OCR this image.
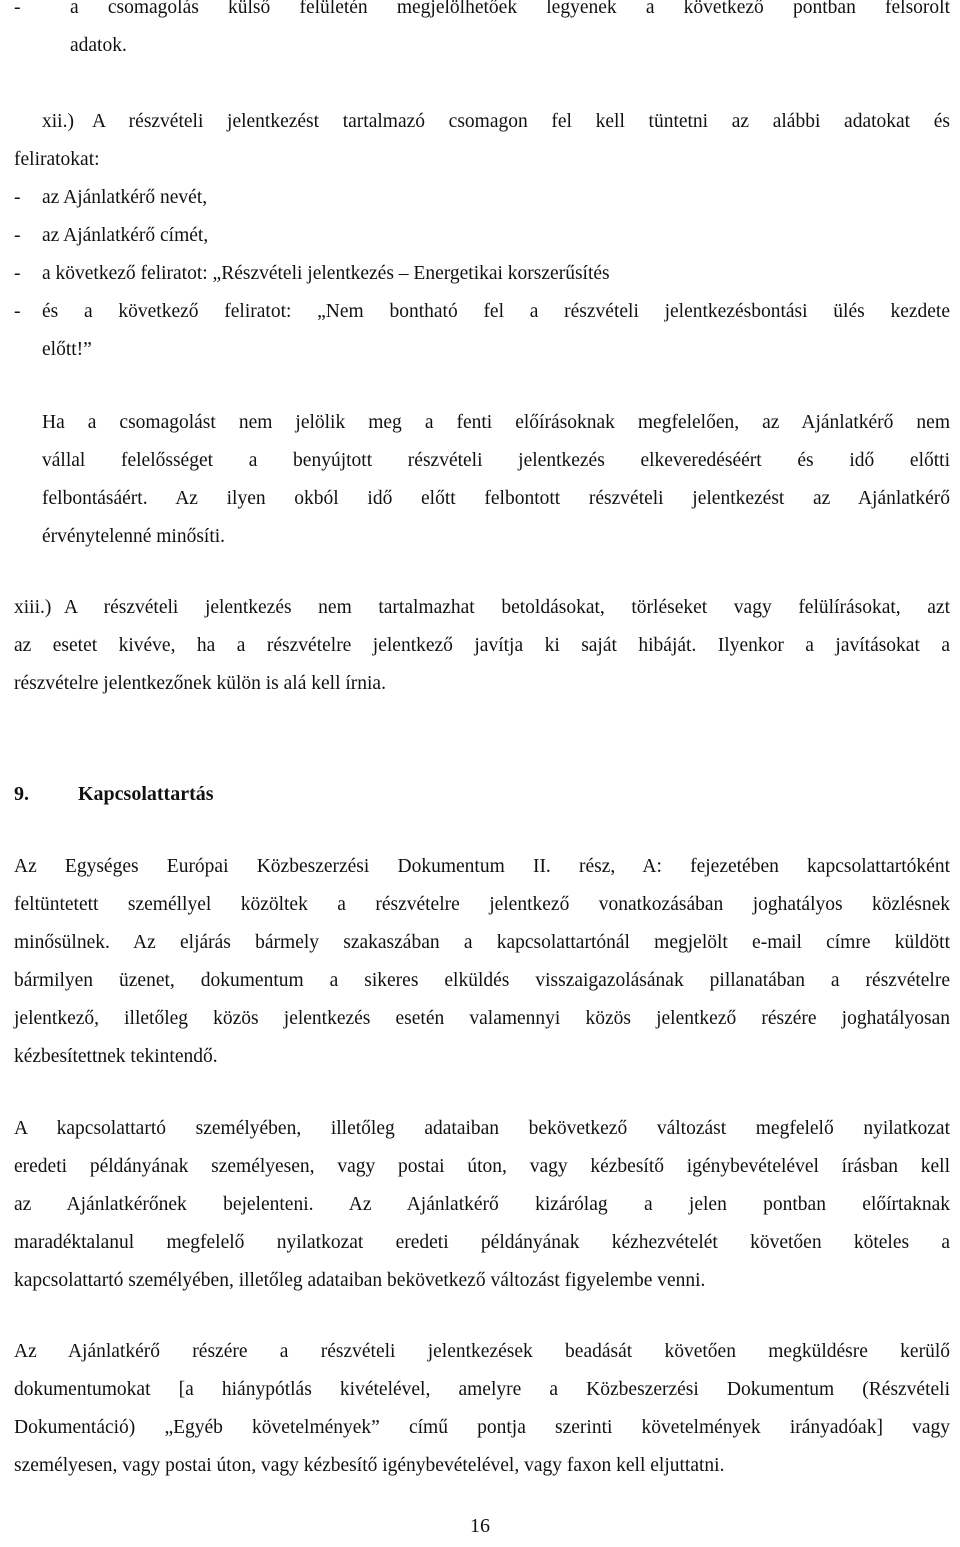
-	a csomagolás külső felületén megjelölhetőek legyenek a következő pontban felsorolt
adatok.
xii.) A részvételi jelentkezést tartalmazó csomagon fel kell tüntetni az alábbi adatokat és
feliratokat:
- az Ajánlatkérő nevét,
- az Ajánlatkérő címét,
- a következő feliratot: „Részvételi jelentkezés – Energetikai korszerűsítés
- és a következő feliratot: „Nem bontható fel a részvételi jelentkezésbontási ülés kezdete
előtt!”
Ha a csomagolást nem jelölik meg a fenti előírásoknak megfelelően, az Ajánlatkérő nem
vállal felelősséget a benyújtott részvételi jelentkezés elkeveredéséért és idő előtti
felbontásáért. Az ilyen okból idő előtt felbontott részvételi jelentkezést az Ajánlatkérő
érvénytelenné minősíti.
xiii.) A részvételi jelentkezés nem tartalmazhat betoldásokat, törléseket vagy felülírásokat, azt
az esetet kivéve, ha a részvételre jelentkező javítja ki saját hibáját. Ilyenkor a javításokat a
részvételre jelentkezőnek külön is alá kell írnia.
9. Kapcsolattartás
Az Egységes Európai Közbeszerzési Dokumentum II. rész, A: fejezetében kapcsolattartóként
feltüntetett személlyel közöltek a részvételre jelentkező vonatkozásában joghatályos közlésnek
minősülnek. Az eljárás bármely szakaszában a kapcsolattartónál megjelölt e-mail címre küldött
bármilyen üzenet, dokumentum a sikeres elküldés visszaigazolásának pillanatában a részvételre
jelentkező, illetőleg közös jelentkezés esetén valamennyi közös jelentkező részére joghatályosan
kézbesítettnek tekintendő.
A kapcsolattartó személyében, illetőleg adataiban bekövetkező változást megfelelő nyilatkozat
eredeti példányának személyesen, vagy postai úton, vagy kézbesítő igénybevételével írásban kell
az Ajánlatkérőnek bejelenteni. Az Ajánlatkérő kizárólag a jelen pontban előírtaknak
maradéktalanul megfelelő nyilatkozat eredeti példányának kézhezvételét követően köteles a
kapcsolattartó személyében, illetőleg adataiban bekövetkező változást figyelembe venni.
Az Ajánlatkérő részére a részvételi jelentkezések beadását követően megküldésre kerülő
dokumentumokat [a hiánypótlás kivételével, amelyre a Közbeszerzési Dokumentum (Részvételi
Dokumentáció) „Egyéb követelmények” című pontja szerinti követelmények irányadóak] vagy
személyesen, vagy postai úton, vagy kézbesítő igénybevételével, vagy faxon kell eljuttatni.
16
